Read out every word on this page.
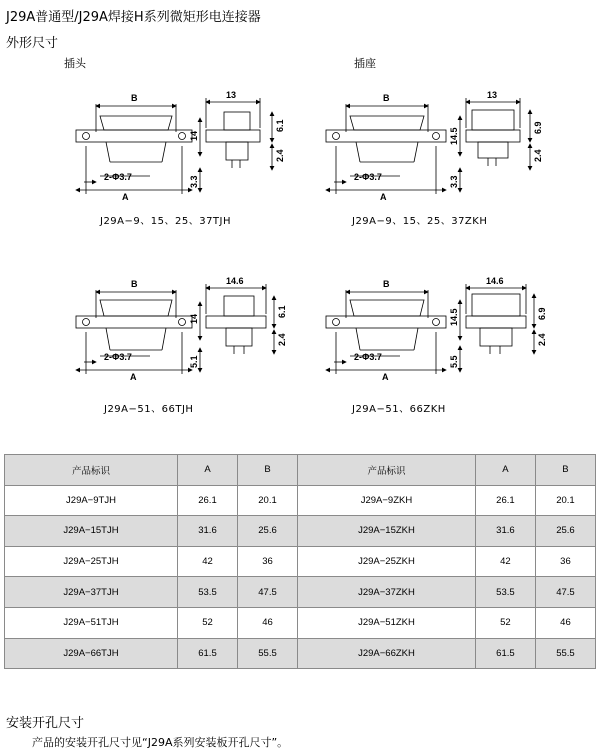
J29A普通型/J29A焊接H系列微矩形电连接器
外形尺寸
插头	插座
B
A
2-Φ3.7
13
14
6.1
2.4
3.3
B
A
2-Φ3.7
13
14.5	6.9
2.4
3.3
B
A
2-Φ3.7
14.6
14
6.1
2.4
5.1
B
A
2-Φ3.7
14.6
14.5	6.9
2.4
5.5
J29A−9、15、25、37TJH	J29A−9、15、25、37ZKH
J29A−51、66TJH	J29A−51、66ZKH
产品标识	A	B	产品标识	A	B
J29A−9TJH	26.1	20.1	J29A−9ZKH	26.1	20.1
J29A−15TJH	31.6	25.6	J29A−15ZKH	31.6	25.6
J29A−25TJH	42	36	J29A−25ZKH	42	36
J29A−37TJH	53.5	47.5	J29A−37ZKH	53.5	47.5
J29A−51TJH	52	46	J29A−51ZKH	52	46
J29A−66TJH	61.5	55.5	J29A−66ZKH	61.5	55.5
安装开孔尺寸
产品的安装开孔尺寸见“J29A系列安装板开孔尺寸”。
